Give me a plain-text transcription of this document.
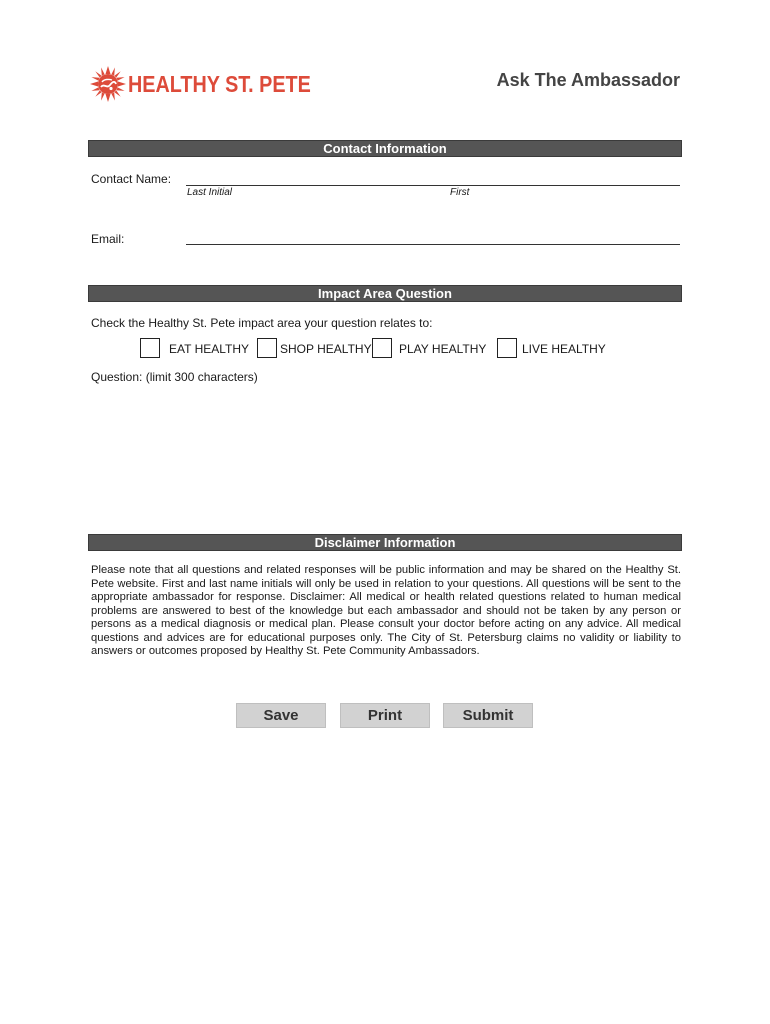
HEALTHY ST. PETE	Ask The Ambassador
Contact Information
Contact Name:
Last Initial	First
Email:
Impact Area Question
Check the Healthy St. Pete impact area your question relates to:
EAT HEALTHY	SHOP HEALTHY PLAY HEALTHY	LIVE HEALTHY
Question: (limit 300 characters)
Disclaimer Information
Please note that all questions and related responses will be public information and may be shared on the Healthy St. Pete website. First and last name initials will only be used in relation to your questions. All questions will be sent to the appropriate ambassador for response. Disclaimer: All medical or health related questions related to human medical problems are answered to best of the knowledge but each ambassador and should not be taken by any person or persons as a medical diagnosis or medical plan. Please consult your doctor before acting on any advice. All medical questions and advices are for educational purposes only. The City of St. Petersburg claims no validity or liability to answers or outcomes proposed by Healthy St. Pete Community Ambassadors.
Save	Print	Submit
